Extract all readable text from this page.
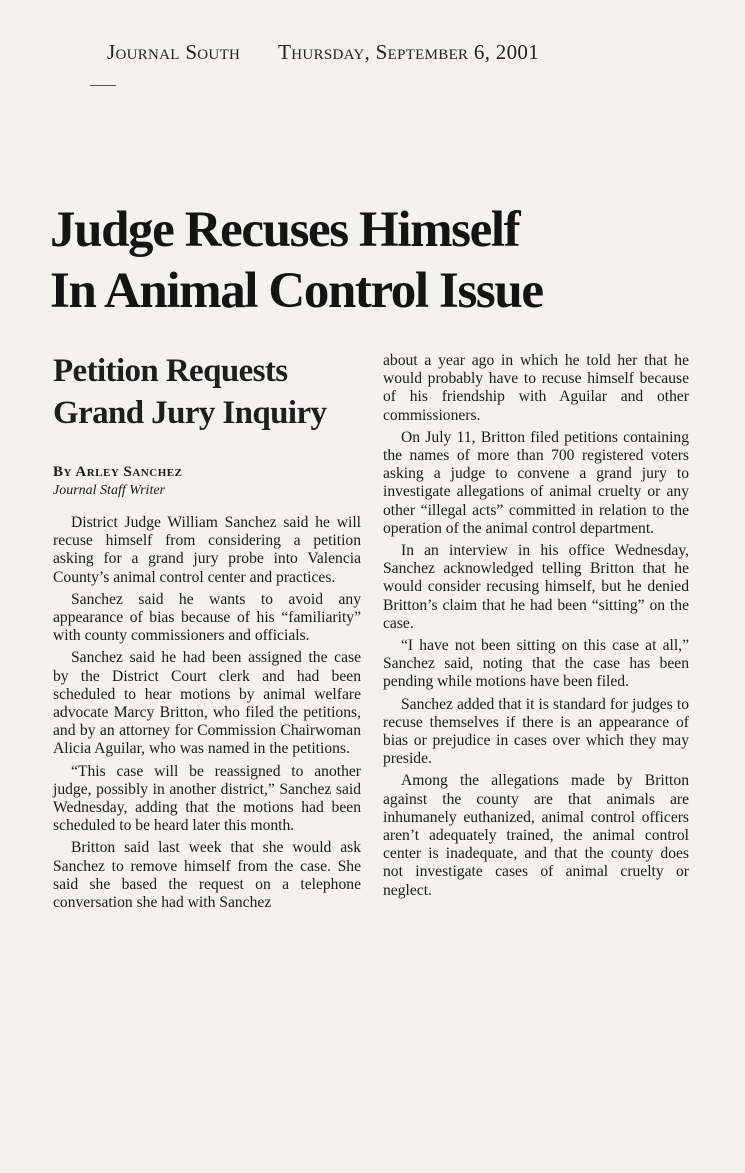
Journal South Thursday, September 6, 2001
Judge Recuses Himself
In Animal Control Issue
Petition Requests
Grand Jury Inquiry
By Arley Sanchez
Journal Staff Writer

District Judge William Sanchez said he will recuse himself from considering a petition asking for a grand jury probe into Valencia County’s animal control center and practices.

Sanchez said he wants to avoid any appearance of bias because of his “familiarity” with county commissioners and officials.

Sanchez said he had been assigned the case by the District Court clerk and had been scheduled to hear motions by animal welfare advocate Marcy Britton, who filed the petitions, and by an attorney for Commission Chairwoman Alicia Aguilar, who was named in the petitions.

“This case will be reassigned to another judge, possibly in another district,” Sanchez said Wednesday, adding that the motions had been scheduled to be heard later this month.

Britton said last week that she would ask Sanchez to remove himself from the case. She said she based the request on a telephone conversation she had with Sanchez

about a year ago in which he told her that he would probably have to recuse himself because of his friendship with Aguilar and other commissioners.

On July 11, Britton filed petitions containing the names of more than 700 registered voters asking a judge to convene a grand jury to investigate allegations of animal cruelty or any other “illegal acts” committed in relation to the operation of the animal control department.

In an interview in his office Wednesday, Sanchez acknowledged telling Britton that he would consider recusing himself, but he denied Britton’s claim that he had been “sitting” on the case.

“I have not been sitting on this case at all,” Sanchez said, noting that the case has been pending while motions have been filed.

Sanchez added that it is standard for judges to recuse themselves if there is an appearance of bias or prejudice in cases over which they may preside.

Among the allegations made by Britton against the county are that animals are inhumanely euthanized, animal control officers aren’t adequately trained, the animal control center is inadequate, and that the county does not investigate cases of animal cruelty or neglect.
